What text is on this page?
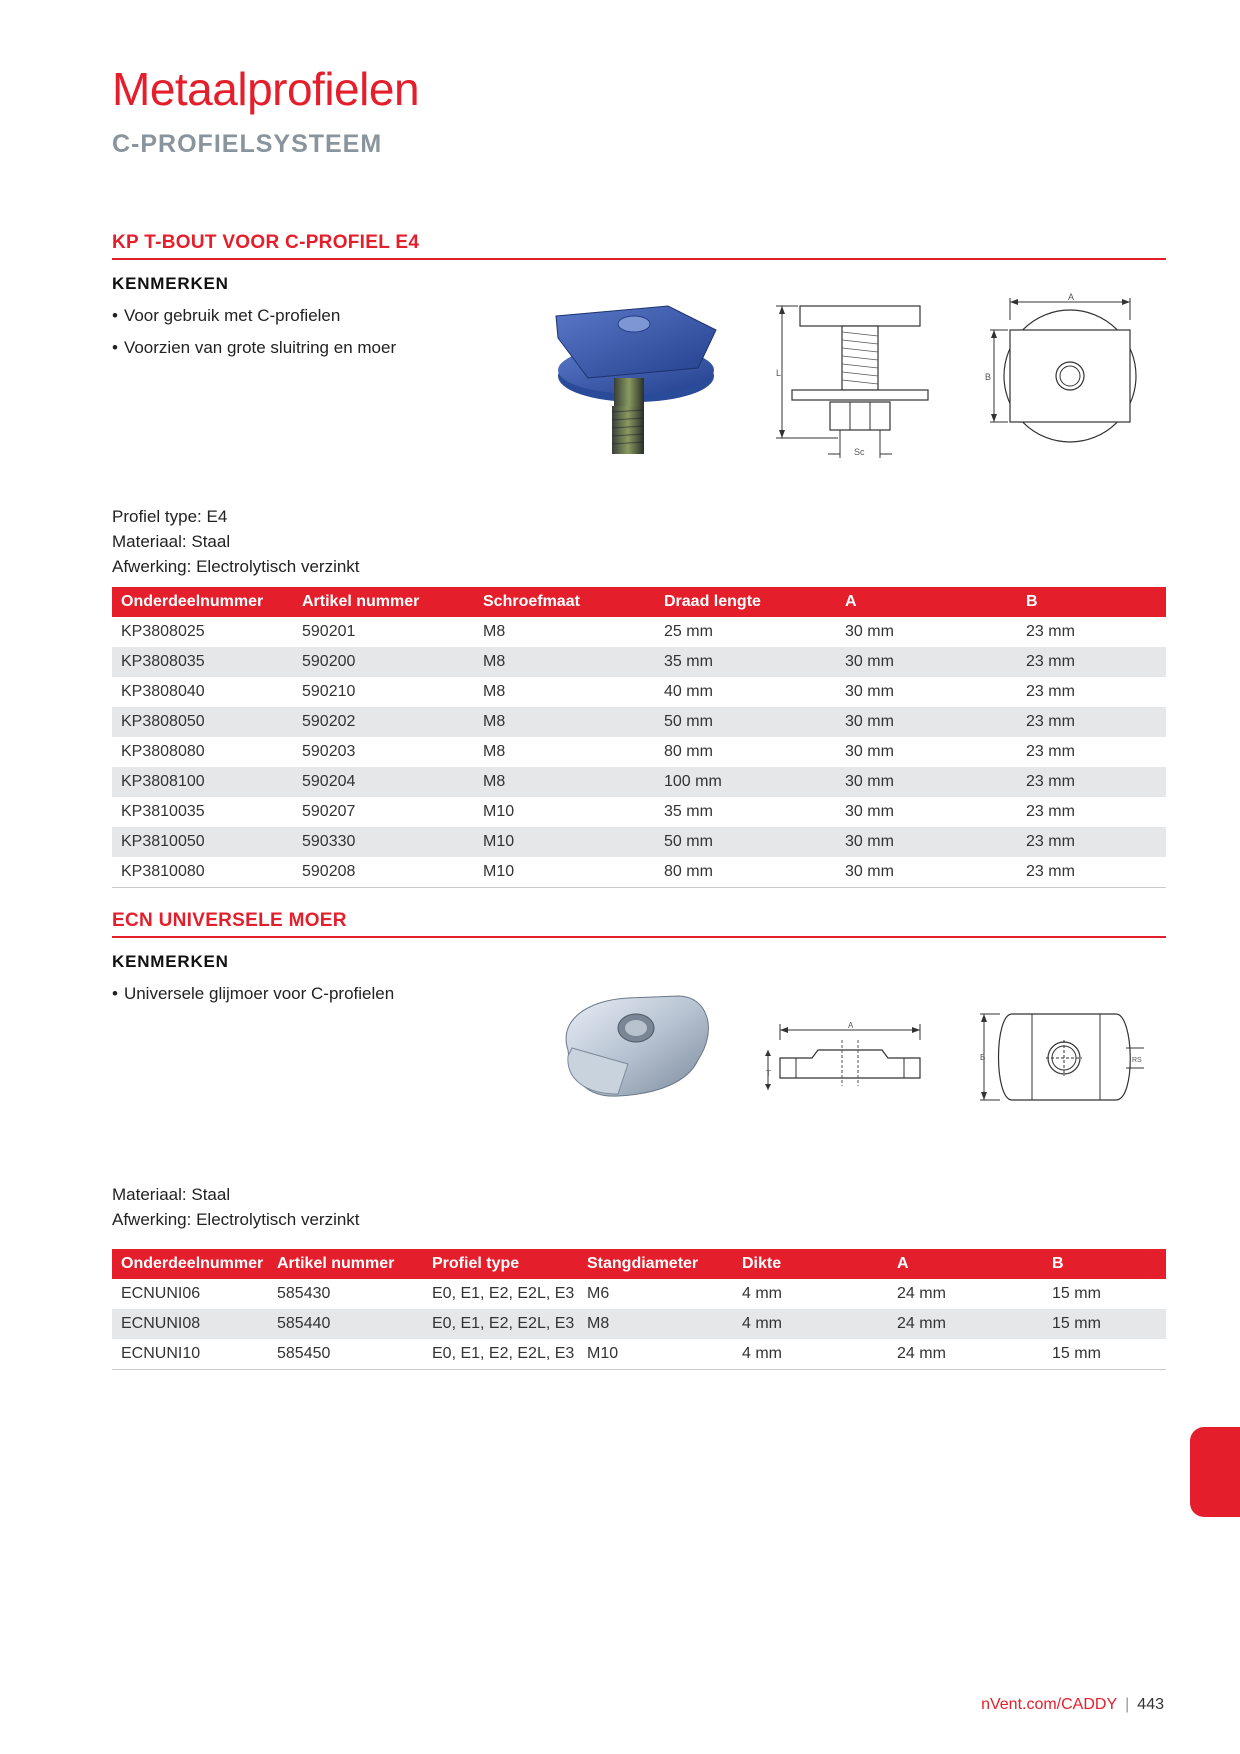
Metaalprofielen
C-PROFIELSYSTEEM
KP T-BOUT VOOR C-PROFIEL E4
KENMERKEN
• Voor gebruik met C-profielen
• Voorzien van grote sluitring en moer
L
Sc
A
B
Profiel type: E4
Materiaal: Staal
Afwerking: Electrolytisch verzinkt
Onderdeelnummer	Artikel nummer	Schroefmaat	Draad lengte	A	B
KP3808025	590201	M8	25 mm	30 mm	23 mm
KP3808035	590200	M8	35 mm	30 mm	23 mm
KP3808040	590210	M8	40 mm	30 mm	23 mm
KP3808050	590202	M8	50 mm	30 mm	23 mm
KP3808080	590203	M8	80 mm	30 mm	23 mm
KP3808100	590204	M8	100 mm	30 mm	23 mm
KP3810035	590207	M10	35 mm	30 mm	23 mm
KP3810050	590330	M10	50 mm	30 mm	23 mm
KP3810080	590208	M10	80 mm	30 mm	23 mm
ECN UNIVERSELE MOER
KENMERKEN
• Universele glijmoer voor C-profielen
A
T
B	RS
Materiaal: Staal
Afwerking: Electrolytisch verzinkt
Onderdeelnummer	Artikel nummer	Profiel type	Stangdiameter	Dikte	A	B
ECNUNI06	585430	E0, E1, E2, E2L, E3	M6	4 mm	24 mm	15 mm
ECNUNI08	585440	E0, E1, E2, E2L, E3	M8	4 mm	24 mm	15 mm
ECNUNI10	585450	E0, E1, E2, E2L, E3	M10	4 mm	24 mm	15 mm
nVent.com/CADDY | 443
